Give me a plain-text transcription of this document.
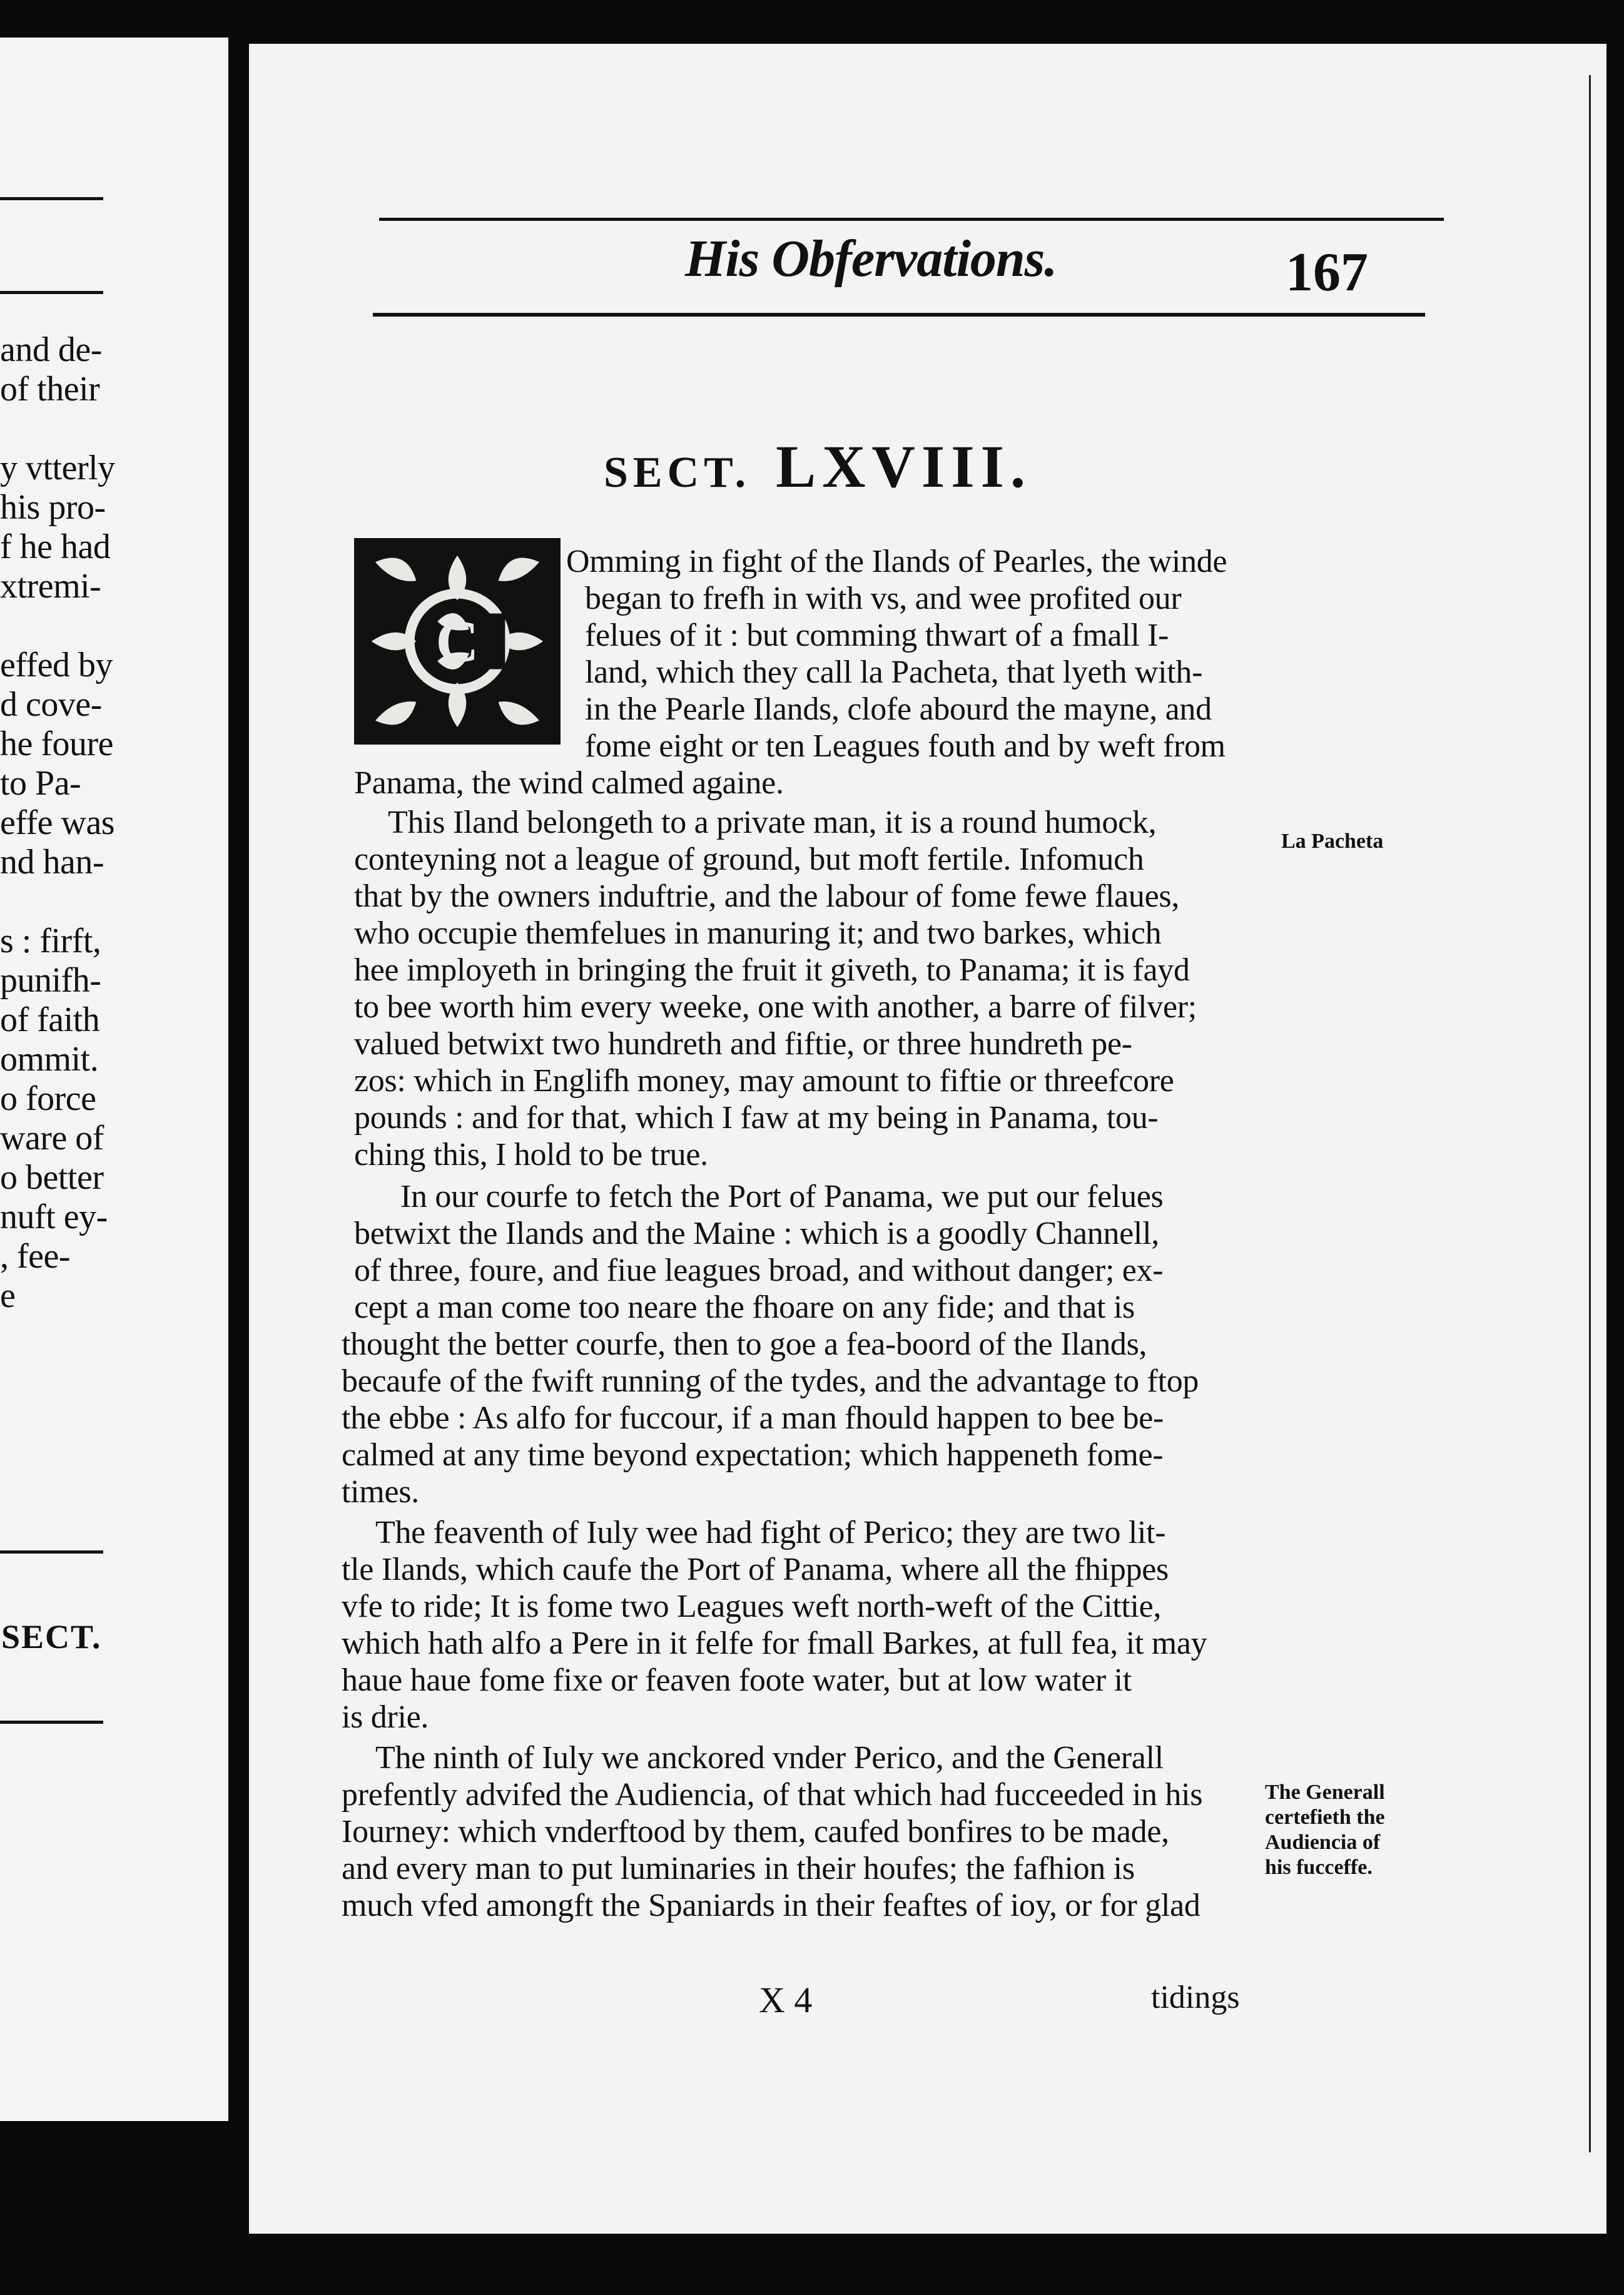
and de-
of their
y vtterly
his pro-
f he had
xtremi-
effed by
d cove-
he foure
to Pa-
effe was
nd han-
s : firft,
punifh-
of faith
ommit.
o force
ware of
o better
nuft ey-
, fee-
e
SECT.
His Obfervations.	167
SECT. LXVIII.
C
Omming in fight of the Ilands of Pearles, the winde
began to frefh in with vs, and wee profited our
felues of it : but comming thwart of a fmall I-
land, which they call la Pacheta, that lyeth with-
in the Pearle Ilands, clofe abourd the mayne, and
fome eight or ten Leagues fouth and by weft from
Panama, the wind calmed againe.
This Iland belongeth to a private man, it is a round humock,
conteyning not a league of ground, but moft fertile. Infomuch
that by the owners induftrie, and the labour of fome fewe flaues,
who occupie themfelues in manuring it; and two barkes, which
hee imployeth in bringing the fruit it giveth, to Panama; it is fayd
to bee worth him every weeke, one with another, a barre of filver;
valued betwixt two hundreth and fiftie, or three hundreth pe-
zos: which in Englifh money, may amount to fiftie or threefcore
pounds : and for that, which I faw at my being in Panama, tou-
ching this, I hold to be true.
In our courfe to fetch the Port of Panama, we put our felues
betwixt the Ilands and the Maine : which is a goodly Channell,
of three, foure, and fiue leagues broad, and without danger; ex-
cept a man come too neare the fhoare on any fide; and that is
thought the better courfe, then to goe a fea-boord of the Ilands,
becaufe of the fwift running of the tydes, and the advantage to ftop
the ebbe : As alfo for fuccour, if a man fhould happen to bee be-
calmed at any time beyond expectation; which happeneth fome-
times.
The feaventh of Iuly wee had fight of Perico; they are two lit-
tle Ilands, which caufe the Port of Panama, where all the fhippes
vfe to ride; It is fome two Leagues weft north-weft of the Cittie,
which hath alfo a Pere in it felfe for fmall Barkes, at full fea, it may
haue haue fome fixe or feaven foote water, but at low water it
is drie.
The ninth of Iuly we anckored vnder Perico, and the Generall
prefently advifed the Audiencia, of that which had fucceeded in his
Iourney: which vnderftood by them, caufed bonfires to be made,
and every man to put luminaries in their houfes; the fafhion is
much vfed amongft the Spaniards in their feaftes of ioy, or for glad
La Pacheta
The Generall
certefieth the
Audiencia of
his fucceffe.
X 4	tidings
